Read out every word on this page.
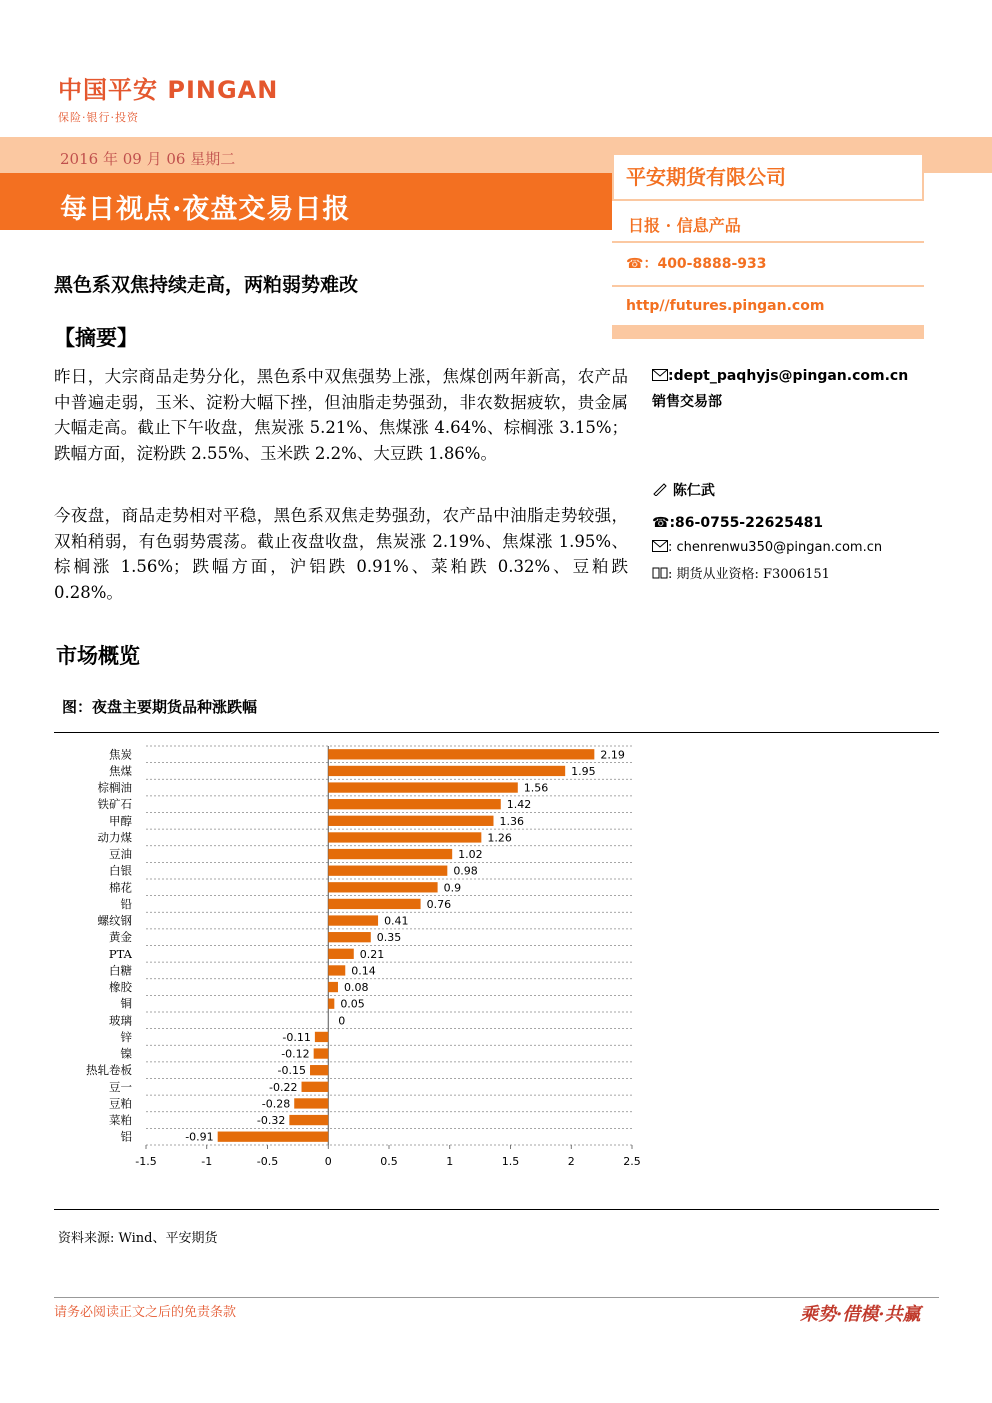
中国平安 PINGAN
保险·银行·投资
2016 年 09 月 06 星期二
每日视点·夜盘交易日报
平安期货有限公司
日报 · 信息产品
☎：400-8888-933
http//futures.pingan.com
黑色系双焦持续走高，两粕弱势难改
【摘要】
昨日，大宗商品走势分化，黑色系中双焦强势上涨，焦煤创两年新高，农产品中普遍走弱，玉米、淀粉大幅下挫，但油脂走势强劲，非农数据疲软，贵金属大幅走高。截止下午收盘，焦炭涨 5.21%、焦煤涨 4.64%、棕榈涨 3.15%；跌幅方面，淀粉跌 2.55%、玉米跌 2.2%、大豆跌 1.86%。
今夜盘，商品走势相对平稳，黑色系双焦走势强劲，农产品中油脂走势较强，双粕稍弱，有色弱势震荡。截止夜盘收盘，焦炭涨 2.19%、焦煤涨 1.95%、棕榈涨 1.56%；跌幅方面，沪铝跌 0.91%、菜粕跌 0.32%、豆粕跌 0.28%。
:dept_paqhyjs@pingan.com.cn
销售交易部
陈仁武
☎:86-0755-22625481
: chenrenwu350@pingan.com.cn
: 期货从业资格: F3006151
市场概览
图：夜盘主要期货品种涨跌幅
焦炭	2.19
焦煤	1.95
棕榈油	1.56
铁矿石	1.42
甲醇	1.36
动力煤	1.26
豆油	1.02
白银	0.98
棉花	0.9
铅	0.76
螺纹钢	0.41
黄金	0.35
PTA	0.21
白糖	0.14
橡胶	0.08
铜	0.05
玻璃	0
锌	-0.11
镍	-0.12
热轧卷板	-0.15
豆一	-0.22
豆粕	-0.28
菜粕	-0.32
铝	-0.91
-1.5	-1	-0.5	0	0.5	1	1.5	2	2.5
资料来源: Wind、平安期货
请务必阅读正文之后的免责条款	乘势·借模·共赢
